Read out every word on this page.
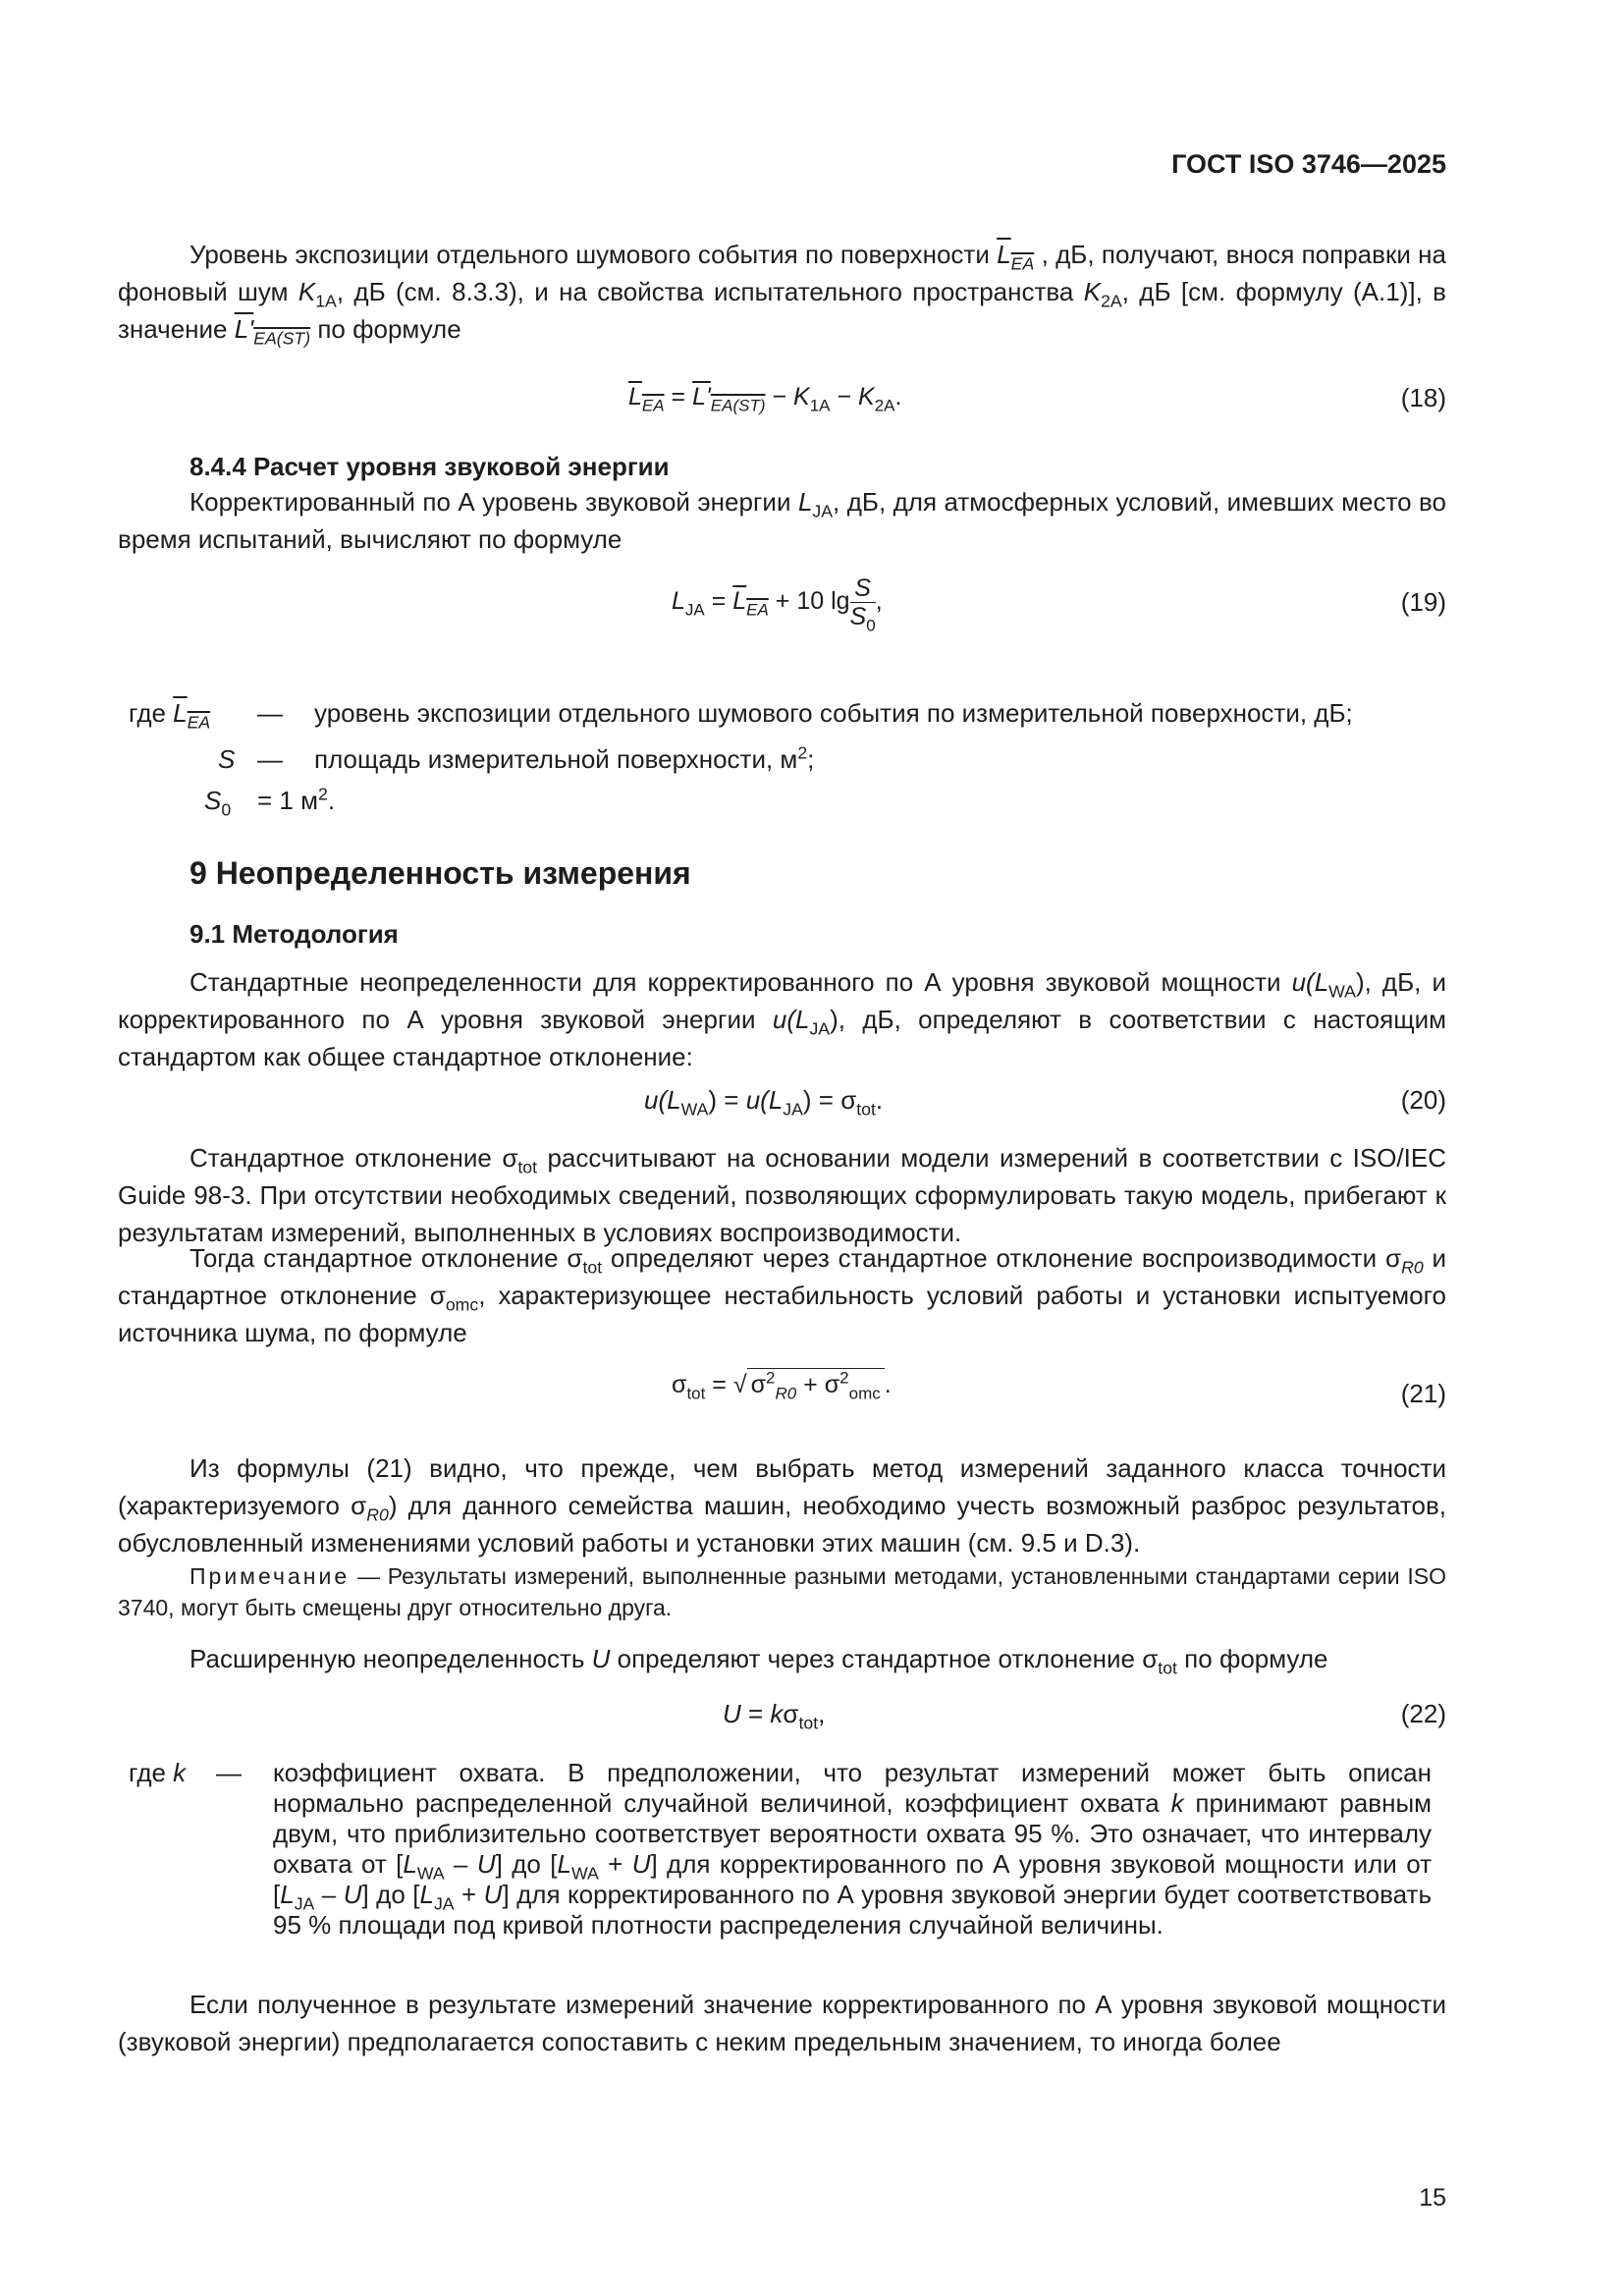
ГОСТ ISO 3746—2025

Уровень экспозиции отдельного шумового события по поверхности $L_{EA}$ , дБ, получают, внося поправки на фоновый шум $K_{1A}$, дБ (см. 8.3.3), и на свойства испытательного пространства $K_{2A}$, дБ [см. формулу (А.1)], в значение $L'_{EA(ST)}$ по формуле

$L_{EA} = L'_{EA(ST)} - K_{1A} - K_{2A}$.	(18)
8.4.4 Расчет уровня звуковой энергии

Корректированный по А уровень звуковой энергии $L_{JA}$, дБ, для атмосферных условий, имевших место во время испытаний, вычисляют по формуле

$L_{JA} = L_{EA} + 10$ $\lg \frac{S}{S_0}$ ,	(19)
где $L_{EA}$ — уровень экспозиции отдельного шумового события по измерительной поверхности, дБ;
S — площадь измерительной поверхности, $м^2$;
$S_0 = 1$ $м^2$.
9 Неопределенность измерения
9.1 Методология

Стандартные неопределенности для корректированного по А уровня звуковой мощности $u(L_{WA})$, дБ, и корректированного по А уровня звуковой энергии $u(L_{JA})$, дБ, определяют в соответствии с настоящим стандартом как общее стандартное отклонение:

$u(L_{WA}) = u(L_{JA}) = \sigma_{tot}$.	(20)

Стандартное отклонение $\sigma_{tot}$ рассчитывают на основании модели измерений в соответствии с ISO/IEC Guide 98-3. При отсутствии необходимых сведений, позволяющих сформулировать такую модель, прибегают к результатам измерений, выполненных в условиях воспроизводимости.

Тогда стандартное отклонение $\sigma_{tot}$ определяют через стандартное отклонение воспроизводимости $\sigma_{R0}$ и стандартное отклонение $\sigma_{omc}$, характеризующее нестабильность условий работы и установки испытуемого источника шума, по формуле

$\sigma_{tot}$ = √ $\sigma^2_{R0} + \sigma^2_{omc}$ .	(21)

Из формулы (21) видно, что прежде, чем выбрать метод измерений заданного класса точности (характеризуемого $\sigma_{R0}$) для данного семейства машин, необходимо учесть возможный разброс результатов, обусловленный изменениями условий работы и установки этих машин (см. 9.5 и D.3).

Примечание — Результаты измерений, выполненные разными методами, установленными стандартами серии ISO 3740, могут быть смещены друг относительно друга.

Расширенную неопределенность U определяют через стандартное отклонение $\sigma_{tot}$ по формуле

$U = k\sigma_{tot}$,	(22)
где k — коэффициент охвата. В предположении, что результат измерений может быть описан нормально распределенной случайной величиной, коэффициент охвата k принимают равным двум, что приблизительно соответствует вероятности охвата 95 %. Это означает, что интервалу охвата от $[L_{WA} - U]$ до $[L_{WA} + U]$ для корректированного по А уровня звуковой мощности или от $[L_{JA} - U]$ до $[L_{JA} + U]$ для корректированного по А уровня звуковой энергии будет соответствовать 95 % площади под кривой плотности распределения случайной величины.

Если полученное в результате измерений значение корректированного по А уровня звуковой мощности (звуковой энергии) предполагается сопоставить с неким предельным значением, то иногда более

15
